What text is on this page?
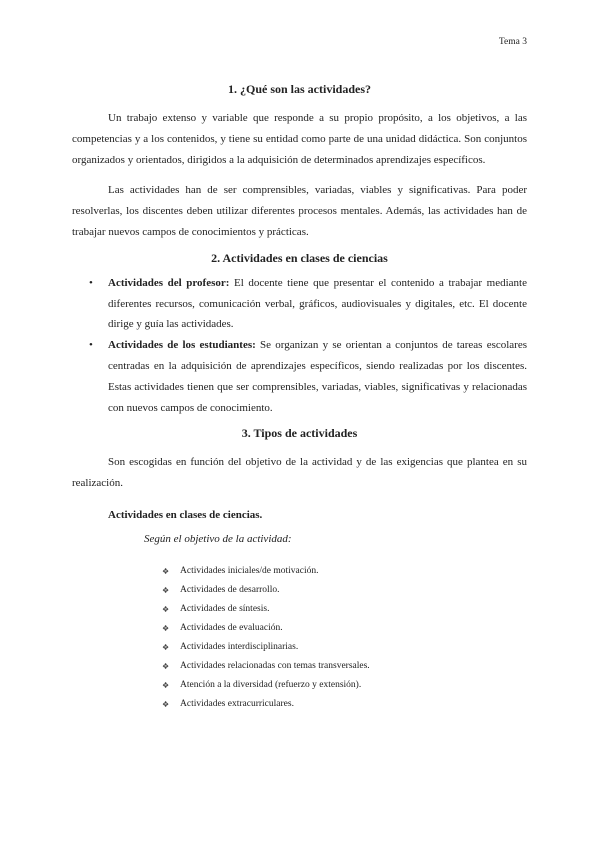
Tema 3
1. ¿Qué son las actividades?

Un trabajo extenso y variable que responde a su propio propósito, a los objetivos, a las competencias y a los contenidos, y tiene su entidad como parte de una unidad didáctica. Son conjuntos organizados y orientados, dirigidos a la adquisición de determinados aprendizajes específicos.

Las actividades han de ser comprensibles, variadas, viables y significativas. Para poder resolverlas, los discentes deben utilizar diferentes procesos mentales. Además, las actividades han de trabajar nuevos campos de conocimientos y prácticas.

2. Actividades en clases de ciencias
• Actividades del profesor: El docente tiene que presentar el contenido a trabajar mediante diferentes recursos, comunicación verbal, gráficos, audiovisuales y digitales, etc. El docente dirige y guía las actividades.
• Actividades de los estudiantes: Se organizan y se orientan a conjuntos de tareas escolares centradas en la adquisición de aprendizajes específicos, siendo realizadas por los discentes. Estas actividades tienen que ser comprensibles, variadas, viables, significativas y relacionadas con nuevos campos de conocimiento.
3. Tipos de actividades

Son escogidas en función del objetivo de la actividad y de las exigencias que plantea en su realización.

Actividades en clases de ciencias.
Según el objetivo de la actividad:
❖ Actividades iniciales/de motivación.
❖ Actividades de desarrollo.
❖ Actividades de síntesis.
❖ Actividades de evaluación.
❖ Actividades interdisciplinarias.
❖ Actividades relacionadas con temas transversales.
❖ Atención a la diversidad (refuerzo y extensión).
❖ Actividades extracurriculares.
